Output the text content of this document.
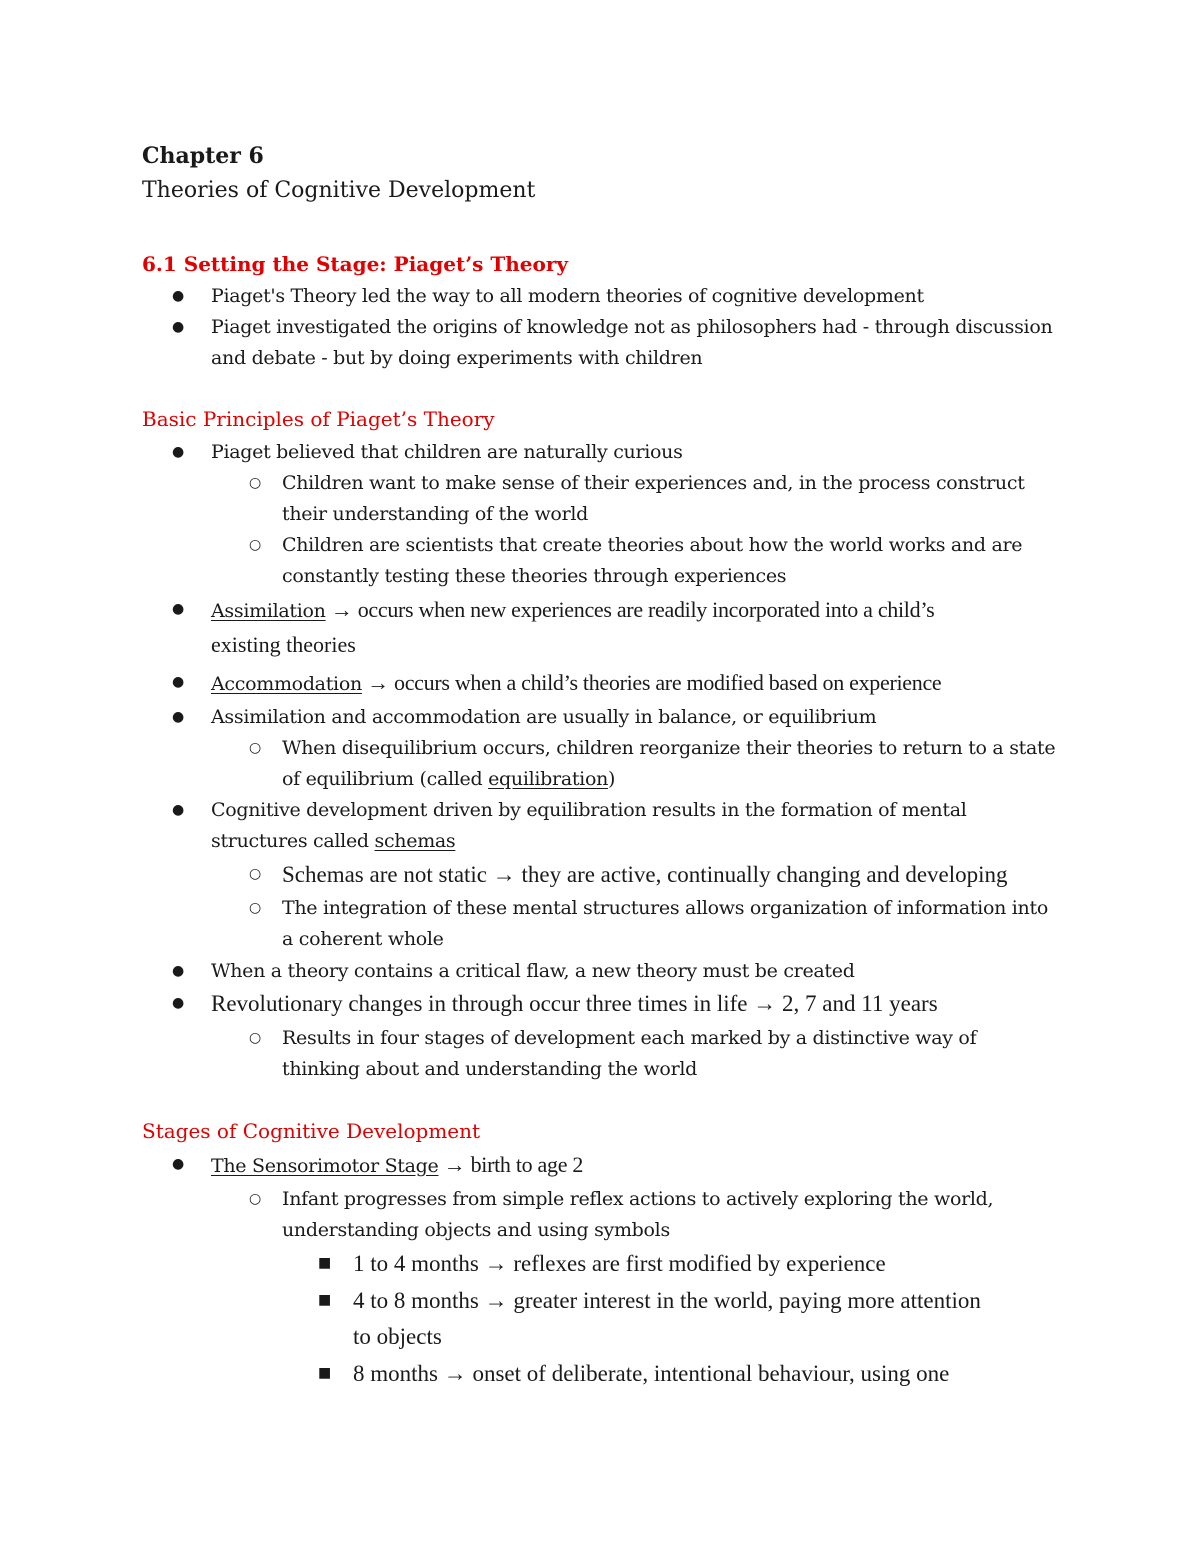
Chapter 6
Theories of Cognitive Development
6.1 Setting the Stage: Piaget’s Theory
● Piaget's Theory led the way to all modern theories of cognitive development
● Piaget investigated the origins of knowledge not as philosophers had - through discussion
and debate - but by doing experiments with children
Basic Principles of Piaget’s Theory
● Piaget believed that children are naturally curious
○ Children want to make sense of their experiences and, in the process construct
their understanding of the world
○ Children are scientists that create theories about how the world works and are
constantly testing these theories through experiences
● Assimilation → occurs when new experiences are readily incorporated into a child’s
existing theories
● Accommodation → occurs when a child’s theories are modified based on experience
● Assimilation and accommodation are usually in balance, or equilibrium
○ When disequilibrium occurs, children reorganize their theories to return to a state
of equilibrium (called equilibration)
● Cognitive development driven by equilibration results in the formation of mental
structures called schemas
○ Schemas are not static → they are active, continually changing and developing
○ The integration of these mental structures allows organization of information into
a coherent whole
● When a theory contains a critical flaw, a new theory must be created
● Revolutionary changes in through occur three times in life → 2, 7 and 11 years
○ Results in four stages of development each marked by a distinctive way of
thinking about and understanding the world
Stages of Cognitive Development
● The Sensorimotor Stage → birth to age 2
○ Infant progresses from simple reflex actions to actively exploring the world,
understanding objects and using symbols
■ 1 to 4 months → reflexes are first modified by experience
■ 4 to 8 months → greater interest in the world, paying more attention
to objects
■ 8 months → onset of deliberate, intentional behaviour, using one
